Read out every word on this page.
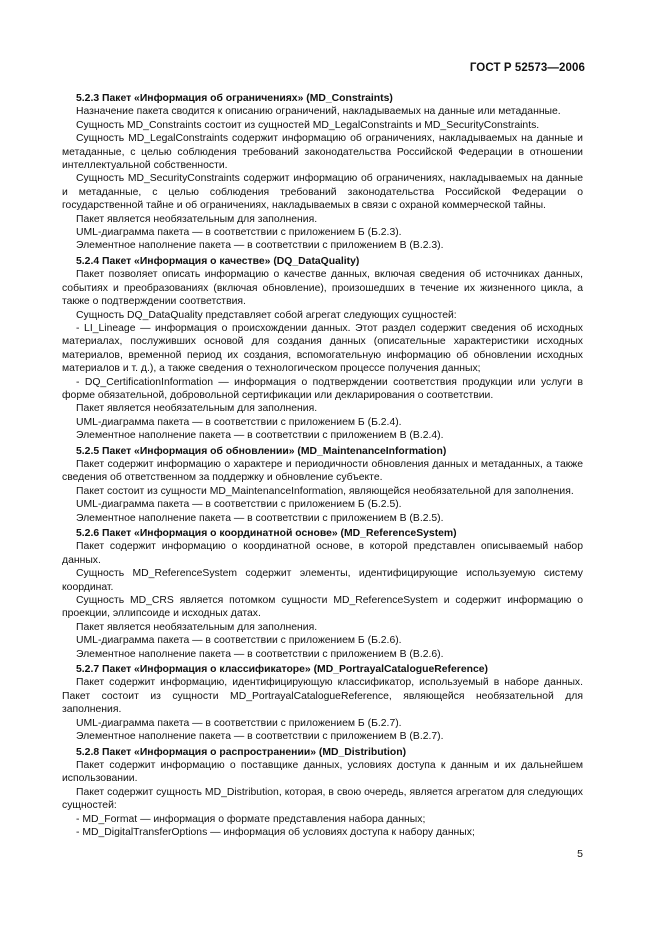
ГОСТ Р 52573—2006

5.2.3 Пакет «Информация об ограничениях» (MD_Constraints)

Назначение пакета сводится к описанию ограничений, накладываемых на данные или метаданные.

Сущность MD_Constraints состоит из сущностей MD_LegalConstraints и MD_SecurityConstraints.

Сущность MD_LegalConstraints содержит информацию об ограничениях, накладываемых на данные и метаданные, с целью соблюдения требований законодательства Российской Федерации в отношении интеллектуальной собственности.

Сущность MD_SecurityConstraints содержит информацию об ограничениях, накладываемых на данные и метаданные, с целью соблюдения требований законодательства Российской Федерации о государственной тайне и об ограничениях, накладываемых в связи с охраной коммерческой тайны.

Пакет является необязательным для заполнения.

UML-диаграмма пакета — в соответствии с приложением Б (Б.2.3).

Элементное наполнение пакета — в соответствии с приложением В (В.2.3).

5.2.4 Пакет «Информация о качестве» (DQ_DataQuality)

Пакет позволяет описать информацию о качестве данных, включая сведения об источниках данных, событиях и преобразованиях (включая обновление), произошедших в течение их жизненного цикла, а также о подтверждении соответствия.

Сущность DQ_DataQuality представляет собой агрегат следующих сущностей:

- LI_Lineage — информация о происхождении данных. Этот раздел содержит сведения об исходных материалах, послуживших основой для создания данных (описательные характеристики исходных материалов, временной период их создания, вспомогательную информацию об обновлении исходных материалов и т. д.), а также сведения о технологическом процессе получения данных;

- DQ_CertificationInformation — информация о подтверждении соответствия продукции или услуги в форме обязательной, добровольной сертификации или декларирования о соответствии.

Пакет является необязательным для заполнения.

UML-диаграмма пакета — в соответствии с приложением Б (Б.2.4).

Элементное наполнение пакета — в соответствии с приложением В (В.2.4).

5.2.5 Пакет «Информация об обновлении» (MD_MaintenanceInformation)

Пакет содержит информацию о характере и периодичности обновления данных и метаданных, а также сведения об ответственном за поддержку и обновление субъекте.

Пакет состоит из сущности MD_MaintenanceInformation, являющейся необязательной для заполнения.

UML-диаграмма пакета — в соответствии с приложением Б (Б.2.5).

Элементное наполнение пакета — в соответствии с приложением В (В.2.5).

5.2.6 Пакет «Информация о координатной основе» (MD_ReferenceSystem)

Пакет содержит информацию о координатной основе, в которой представлен описываемый набор данных.

Сущность MD_ReferenceSystem содержит элементы, идентифицирующие используемую систему координат.

Сущность MD_CRS является потомком сущности MD_ReferenceSystem и содержит информацию о проекции, эллипсоиде и исходных датах.

Пакет является необязательным для заполнения.

UML-диаграмма пакета — в соответствии с приложением Б (Б.2.6).

Элементное наполнение пакета — в соответствии с приложением В (В.2.6).

5.2.7 Пакет «Информация о классификаторе» (MD_PortrayalCatalogueReference)

Пакет содержит информацию, идентифицирующую классификатор, используемый в наборе данных. Пакет состоит из сущности MD_PortrayalCatalogueReference, являющейся необязательной для заполнения.

UML-диаграмма пакета — в соответствии с приложением Б (Б.2.7).

Элементное наполнение пакета — в соответствии с приложением В (В.2.7).

5.2.8 Пакет «Информация о распространении» (MD_Distribution)

Пакет содержит информацию о поставщике данных, условиях доступа к данным и их дальнейшем использовании.

Пакет содержит сущность MD_Distribution, которая, в свою очередь, является агрегатом для следующих сущностей:

- MD_Format — информация о формате представления набора данных;

- MD_DigitalTransferOptions — информация об условиях доступа к набору данных;

5
